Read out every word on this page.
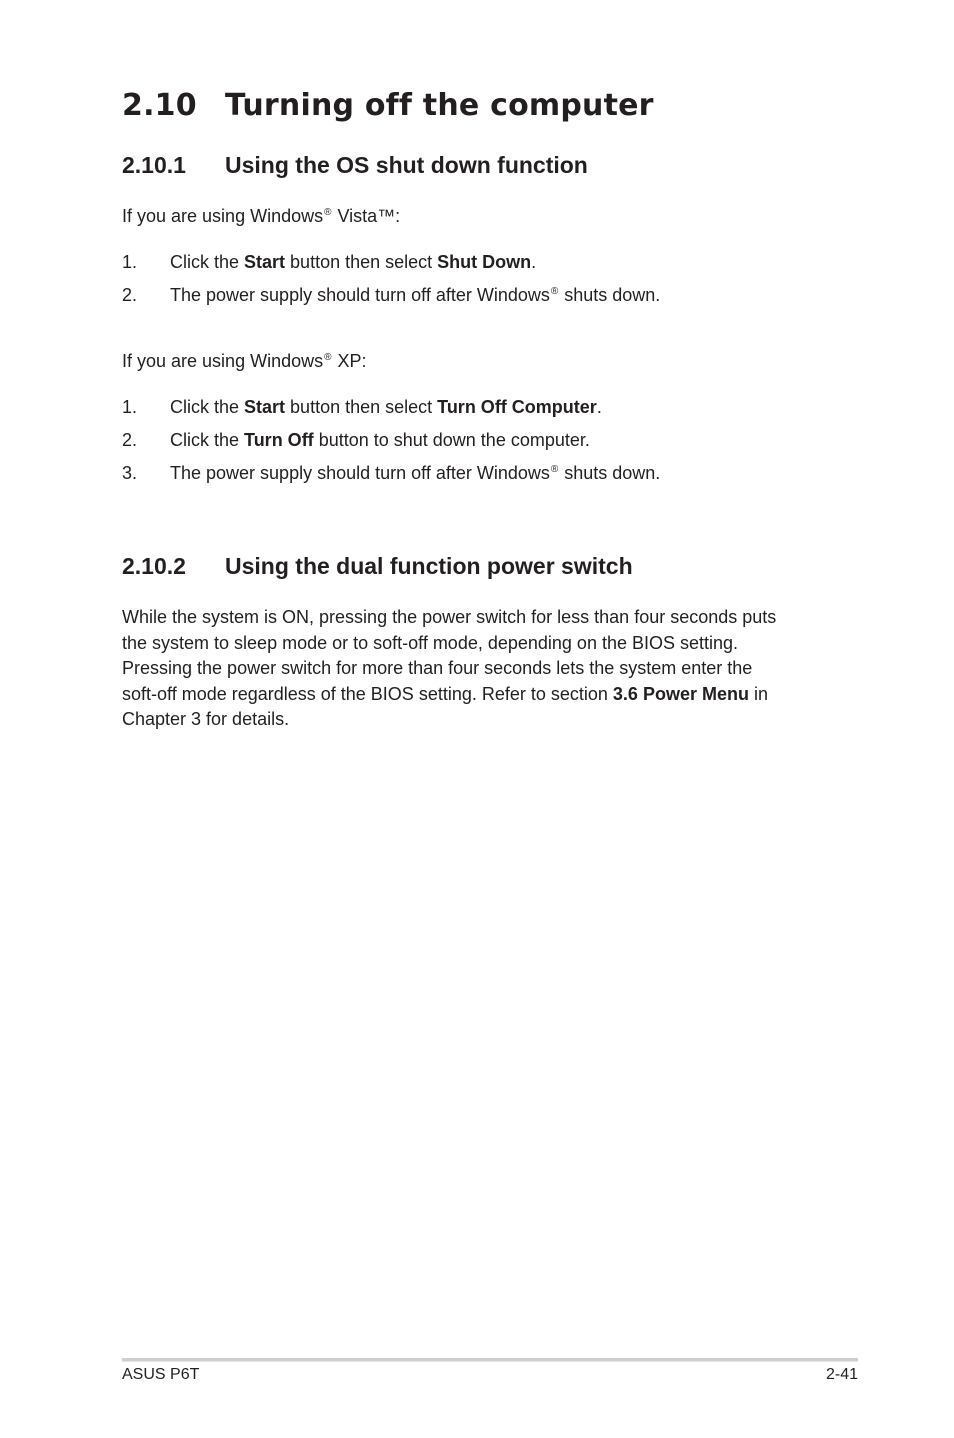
2.10 Turning off the computer
2.10.1 Using the OS shut down function

If you are using Windows® Vista™:

1. Click the Start button then select Shut Down.

2. The power supply should turn off after Windows® shuts down.

If you are using Windows® XP:

1. Click the Start button then select Turn Off Computer.

2. Click the Turn Off button to shut down the computer.

3. The power supply should turn off after Windows® shuts down.

2.10.2 Using the dual function power switch
While the system is ON, pressing the power switch for less than four seconds puts
the system to sleep mode or to soft-off mode, depending on the BIOS setting.
Pressing the power switch for more than four seconds lets the system enter the
soft-off mode regardless of the BIOS setting. Refer to section 3.6 Power Menu in
Chapter 3 for details.

ASUS P6T	2-41
